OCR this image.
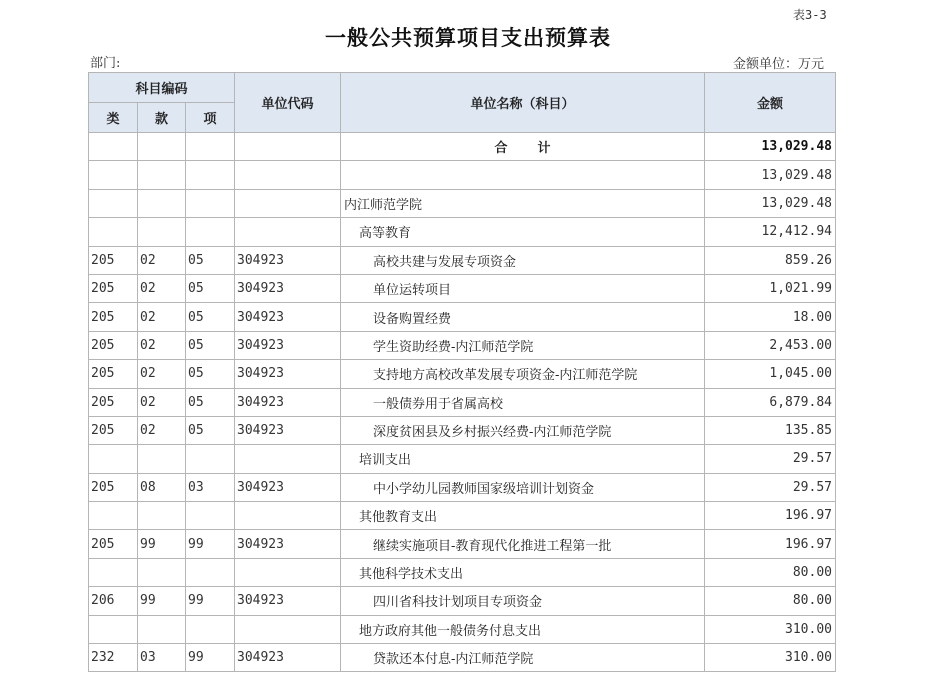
表3-3
一般公共预算项目支出预算表
部门:	金额单位：万元
科目编码			单位代码	单位名称（科目）	金额
类	款	项			
				合计	13,029.48
					13,029.48
				内江师范学院	13,029.48
				高等教育	12,412.94
205	02	05	304923	高校共建与发展专项资金	859.26
205	02	05	304923	单位运转项目	1,021.99
205	02	05	304923	设备购置经费	18.00
205	02	05	304923	学生资助经费-内江师范学院	2,453.00
205	02	05	304923	支持地方高校改革发展专项资金-内江师范学院	1,045.00
205	02	05	304923	一般债券用于省属高校	6,879.84
205	02	05	304923	深度贫困县及乡村振兴经费-内江师范学院	135.85
				培训支出	29.57
205	08	03	304923	中小学幼儿园教师国家级培训计划资金	29.57
				其他教育支出	196.97
205	99	99	304923	继续实施项目-教育现代化推进工程第一批	196.97
				其他科学技术支出	80.00
206	99	99	304923	四川省科技计划项目专项资金	80.00
				地方政府其他一般债务付息支出	310.00
232	03	99	304923	贷款还本付息-内江师范学院	310.00
